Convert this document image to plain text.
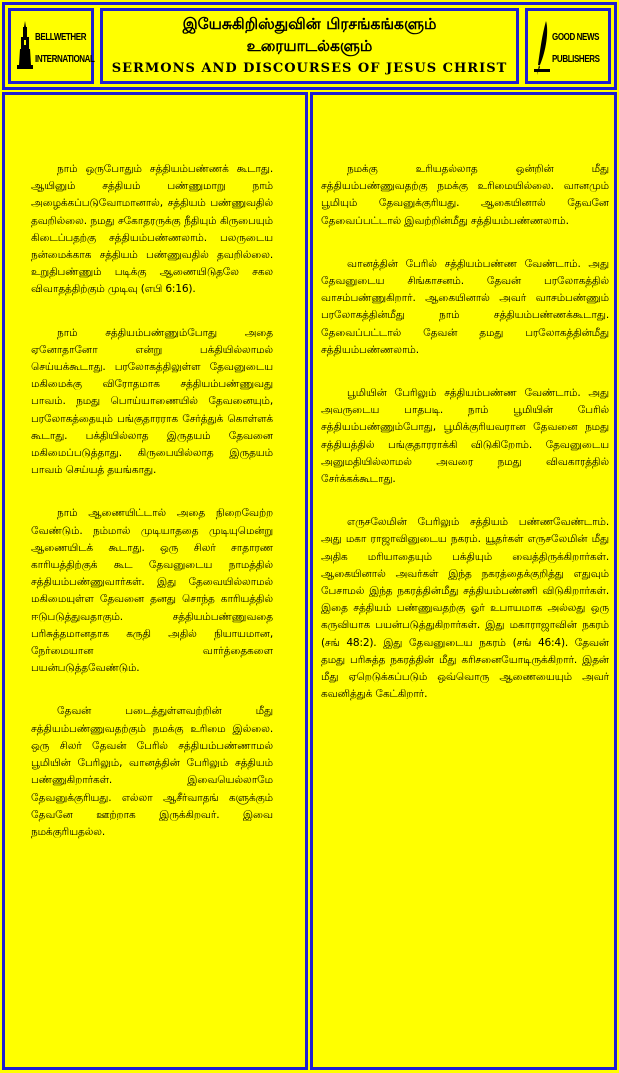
BELLWETHER
INTERNATIONAL
இயேசுகிறிஸ்துவின் பிரசங்கங்களும்
உரையாடல்களும்
SERMONS AND DISCOURSES OF JESUS CHRIST
GOOD NEWS
PUBLISHERS

நாம் ஒருபோதும் சத்தியம்பண்ணக் கூடாது. ஆயினும் சத்தியம் பண்ணுமாறு நாம் அழைக்கப்படுவோமானால், சத்தியம் பண்ணுவதில் தவறில்லை. நமது சகோதரருக்கு நீதியும் கிருபையும் கிடைப்பதற்கு சத்தியம்பண்ணலாம். பலருடைய நன்மைக்காக சத்தியம் பண்ணுவதில் தவறில்லை. உறுதிபண்ணும் படிக்கு ஆணையிடுதலே சகல விவாதத்திற்கும் முடிவு (எபி 6:16).

நாம் சத்தியம்பண்ணும்போது அதை ஏனோதானோ என்று பக்தியில்லாமல் செய்யக்கூடாது. பரலோகத்திலுள்ள தேவனுடைய மகிமைக்கு விரோதமாக சத்தியம்பண்ணுவது பாவம். நமது பொய்யாணையில் தேவனையும், பரலோகத்தையும் பங்குதாரராக சேர்த்துக் கொள்ளக் கூடாது. பக்தியில்லாத இருதயம் தேவனை மகிமைப்படுத்தாது. கிருபையில்லாத இருதயம் பாவம் செய்யத் தயங்காது.

நாம் ஆணையிட்டால் அதை நிறைவேற்ற வேண்டும். நம்மால் முடியாததை முடியுமென்று ஆணையிடக் கூடாது. ஒரு சிலர் சாதாரண காரியத்திற்குக் கூட தேவனுடைய நாமத்தில் சத்தியம்பண்ணுவார்கள். இது தேவையில்லாமல் மகிமையுள்ள தேவனை தனது சொந்த காரியத்தில் ஈடுபடுத்துவதாகும். சத்தியம்பண்ணுவதை பரிசுத்தமானதாக கருதி அதில் நியாயமான, நேர்மையான வார்த்தைகளை பயன்படுத்தவேண்டும்.

தேவன் படைத்துள்ளவற்றின் மீது சத்தியம்பண்ணுவதற்கும் நமக்கு உரிமை இல்லை. ஒரு சிலர் தேவன் பேரில் சத்தியம்பண்ணாமல் பூமியின் பேரிலும், வானத்தின் பேரிலும் சத்தியம் பண்ணுகிறார்கள். இவையெல்லாமே தேவனுக்குரியது. எல்லா ஆசீர்வாதங் களுக்கும் தேவனே ஊற்றாக இருக்கிறவர். இவை நமக்குரியதல்ல.

நமக்கு உரியதல்லாத ஒன்றின் மீது சத்தியம்பண்ணுவதற்கு நமக்கு உரிமையில்லை. வானமும் பூமியும் தேவனுக்குரியது. ஆகையினால் தேவனே தேவைப்பட்டால் இவற்றின்மீது சத்தியம்பண்ணலாம்.

வானத்தின் பேரில் சத்தியம்பண்ண வேண்டாம். அது தேவனுடைய சிங்காசனம். தேவன் பரலோகத்தில் வாசம்பண்ணுகிறார். ஆகையினால் அவர் வாசம்பண்ணும் பரலோகத்தின்மீது நாம் சத்தியம்பண்ணக்கூடாது. தேவைப்பட்டால் தேவன் தமது பரலோகத்தின்மீது சத்தியம்பண்ணலாம்.

பூமியின் பேரிலும் சத்தியம்பண்ண வேண்டாம். அது அவருடைய பாதபடி. நாம் பூமியின் பேரில் சத்தியம்பண்ணும்போது, பூமிக்குரியவரான தேவனை நமது சத்தியத்தில் பங்குதாரராக்கி விடுகிறோம். தேவனுடைய அனுமதியில்லாமல் அவரை நமது விவகாரத்தில் சேர்க்கக்கூடாது.

எருசலேமின் பேரிலும் சத்தியம் பண்ணவேண்டாம். அது மகா ராஜாவினுடைய நகரம். யூதர்கள் எருசலேமின் மீது அதிக மரியாதையும் பக்தியும் வைத்திருக்கிறார்கள். ஆகையினால் அவர்கள் இந்த நகரத்தைக்குறித்து எதுவும் பேசாமல் இந்த நகரத்தின்மீது சத்தியம்பண்ணி விடுகிறார்கள். இதை சத்தியம் பண்ணுவதற்கு ஓர் உபாயமாக அல்லது ஒரு கருவியாக பயன்படுத்துகிறார்கள். இது மகாராஜாவின் நகரம் (சங் 48:2). இது தேவனுடைய நகரம் (சங் 46:4). தேவன் தமது பரிசுத்த நகரத்தின் மீது கரிசனையோடிருக்கிறார். இதன் மீது ஏறெடுக்கப்படும் ஒவ்வொரு ஆணையையும் அவர் கவனித்துக் கேட்கிறார்.
